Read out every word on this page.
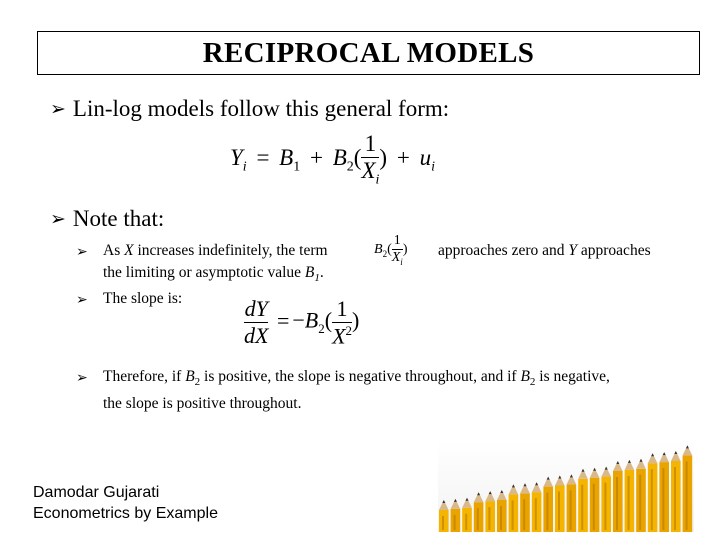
RECIPROCAL MODELS
➢ Lin-log models follow this general form:
$Y_i = B_1 + B_2( \frac{1}{X_i}$ ) + $u_i$
➢ Note that:
➢ As X increases indefinitely, the term
the limiting or asymptotic value $B_1$.
approaches zero and Y approaches
$B_2( \frac{1}{X_i}$ )
➢ The slope is:	$\frac{dY}{dX} = -B_2( \frac{1}{X^2}$ )
➢ Therefore, if $B_2$ is positive, the slope is negative throughout, and if $B_2$ is negative,
the slope is positive throughout.
Damodar Gujarati
Econometrics by Example
